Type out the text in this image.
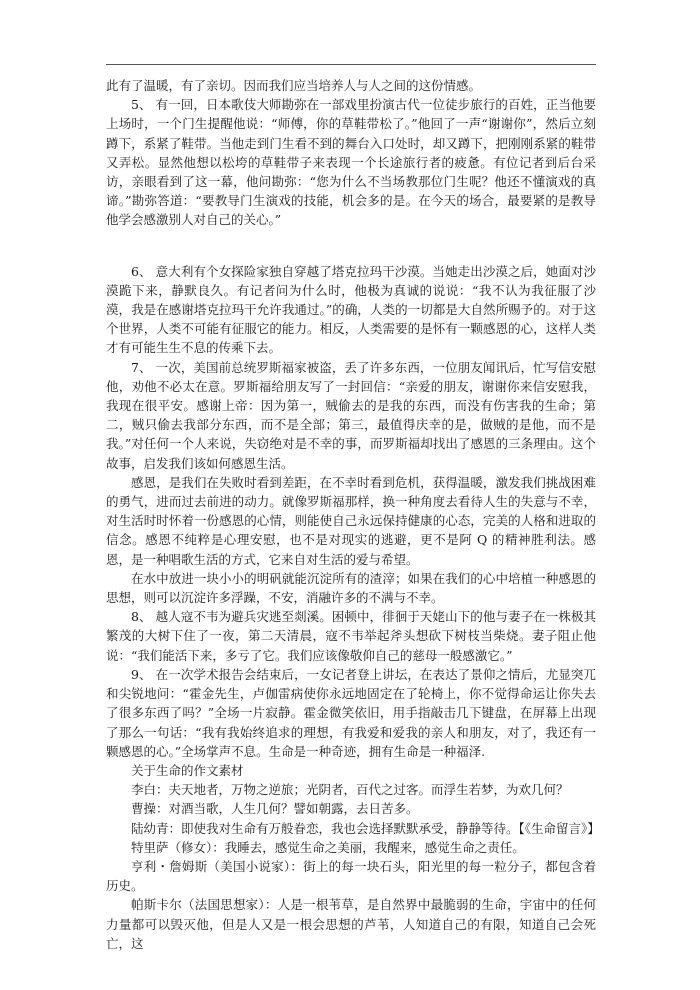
此有了温暖，有了亲切。因而我们应当培养人与人之间的这份情感。

5、 有一回，日本歌伎大师勘弥在一部戏里扮演古代一位徒步旅行的百姓，正当他要上场时，一个门生提醒他说：“师傅，你的草鞋带松了。”他回了一声“谢谢你”，然后立刻蹲下，系紧了鞋带。当他走到门生看不到的舞台入口处时，却又蹲下，把刚刚系紧的鞋带又弄松。显然他想以松垮的草鞋带子来表现一个长途旅行者的疲惫。有位记者到后台采访，亲眼看到了这一幕，他问勘弥：“您为什么不当场教那位门生呢？他还不懂演戏的真谛。”勘弥答道：“要教导门生演戏的技能，机会多的是。在今天的场合，最要紧的是教导他学会感激别人对自己的关心。”

6、 意大利有个女探险家独自穿越了塔克拉玛干沙漠。当她走出沙漠之后，她面对沙漠跪下来，静默良久。有记者问为什么时，他极为真诚的说说：“我不认为我征服了沙漠，我是在感谢塔克拉玛干允许我通过。”的确，人类的一切都是大自然所赐予的。对于这个世界，人类不可能有征服它的能力。相反，人类需要的是怀有一颗感恩的心，这样人类才有可能生生不息的传乘下去。

7、 一次，美国前总统罗斯福家被盗，丢了许多东西，一位朋友闻讯后，忙写信安慰他，劝他不必太在意。罗斯福给朋友写了一封回信：“亲爱的朋友，谢谢你来信安慰我，我现在很平安。感谢上帝：因为第一，贼偷去的是我的东西，而没有伤害我的生命；第二，贼只偷去我部分东西，而不是全部；第三，最值得庆幸的是，做贼的是他，而不是我。”对任何一个人来说，失窃绝对是不幸的事，而罗斯福却找出了感恩的三条理由。这个故事，启发我们该如何感恩生活。

感恩，是我们在失败时看到差距，在不幸时看到危机，获得温暖，激发我们挑战困难的勇气，进而过去前进的动力。就像罗斯福那样，换一种角度去看待人生的失意与不幸，对生活时时怀着一份感恩的心情，则能使自己永远保持健康的心态，完美的人格和进取的信念。感恩不纯粹是心理安慰，也不是对现实的逃避，更不是阿 Q 的精神胜利法。感恩，是一种唱歌生活的方式，它来自对生活的爱与希望。

在水中放进一块小小的明矾就能沉淀所有的渣滓；如果在我们的心中培植一种感恩的思想，则可以沉淀许多浮躁，不安，消融许多的不满与不幸。

8、 越人寇不韦为避兵灾逃至剡溪。困顿中，徘徊于天姥山下的他与妻子在一株极其繁茂的大树下住了一夜，第二天清晨，寇不韦举起斧头想砍下树枝当柴烧。妻子阻止他说：“我们能活下来，多亏了它。我们应该像敬仰自己的慈母一般感激它。”

9、 在一次学术报告会结束后，一女记者登上讲坛，在表达了景仰之情后，尤显突兀和尖锐地问：“霍金先生，卢伽雷病使你永远地固定在了轮椅上，你不觉得命运让你失去了很多东西了吗？”全场一片寂静。霍金微笑依旧，用手指敲击几下键盘，在屏幕上出现了那么一句话：“我有我始终追求的理想，有我爱和爱我的亲人和朋友，对了，我还有一颗感恩的心。”全场掌声不息。生命是一种奇迹，拥有生命是一种福泽.

关于生命的作文素材

李白：夫天地者，万物之逆旅；光阴者，百代之过客。而浮生若梦，为欢几何？

曹操：对酒当歌，人生几何？譬如朝露，去日苦多。

陆幼青：即使我对生命有万般眷恋，我也会选择默默承受，静静等待。【《生命留言》】

特里萨（修女）：我睡去，感觉生命之美丽，我醒来，感觉生命之责任。

亨利・詹姆斯（美国小说家）：街上的每一块石头，阳光里的每一粒分子，都包含着历史。

帕斯卡尔（法国思想家）：人是一根苇草，是自然界中最脆弱的生命，宇宙中的任何力量都可以毁灭他，但是人又是一根会思想的芦苇，人知道自己的有限，知道自己会死亡，这
